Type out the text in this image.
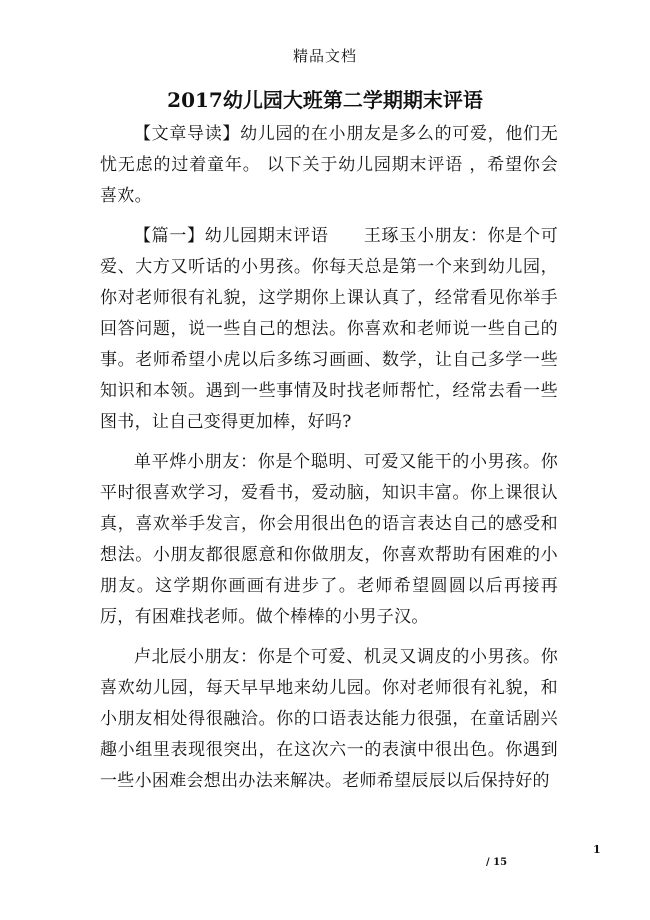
精品文档
2017幼儿园大班第二学期期末评语

【文章导读】幼儿园的在小朋友是多么的可爱，他们无忧无虑的过着童年。 以下关于幼儿园期末评语 ，希望你会喜欢。

【篇一】幼儿园期末评语　　王琢玉小朋友：你是个可爱、大方又听话的小男孩。你每天总是第一个来到幼儿园，你对老师很有礼貌，这学期你上课认真了，经常看见你举手回答问题，说一些自己的想法。你喜欢和老师说一些自己的事。老师希望小虎以后多练习画画、数学，让自己多学一些知识和本领。遇到一些事情及时找老师帮忙，经常去看一些图书，让自己变得更加棒，好吗?

单平烨小朋友：你是个聪明、可爱又能干的小男孩。你平时很喜欢学习，爱看书，爱动脑，知识丰富。你上课很认真，喜欢举手发言，你会用很出色的语言表达自己的感受和想法。小朋友都很愿意和你做朋友，你喜欢帮助有困难的小朋友。这学期你画画有进步了。老师希望圆圆以后再接再厉，有困难找老师。做个棒棒的小男子汉。

卢北辰小朋友：你是个可爱、机灵又调皮的小男孩。你喜欢幼儿园，每天早早地来幼儿园。你对老师很有礼貌，和小朋友相处得很融洽。你的口语表达能力很强，在童话剧兴趣小组里表现很突出，在这次六一的表演中很出色。你遇到一些小困难会想出办法来解决。老师希望辰辰以后保持好的

1
/ 15
